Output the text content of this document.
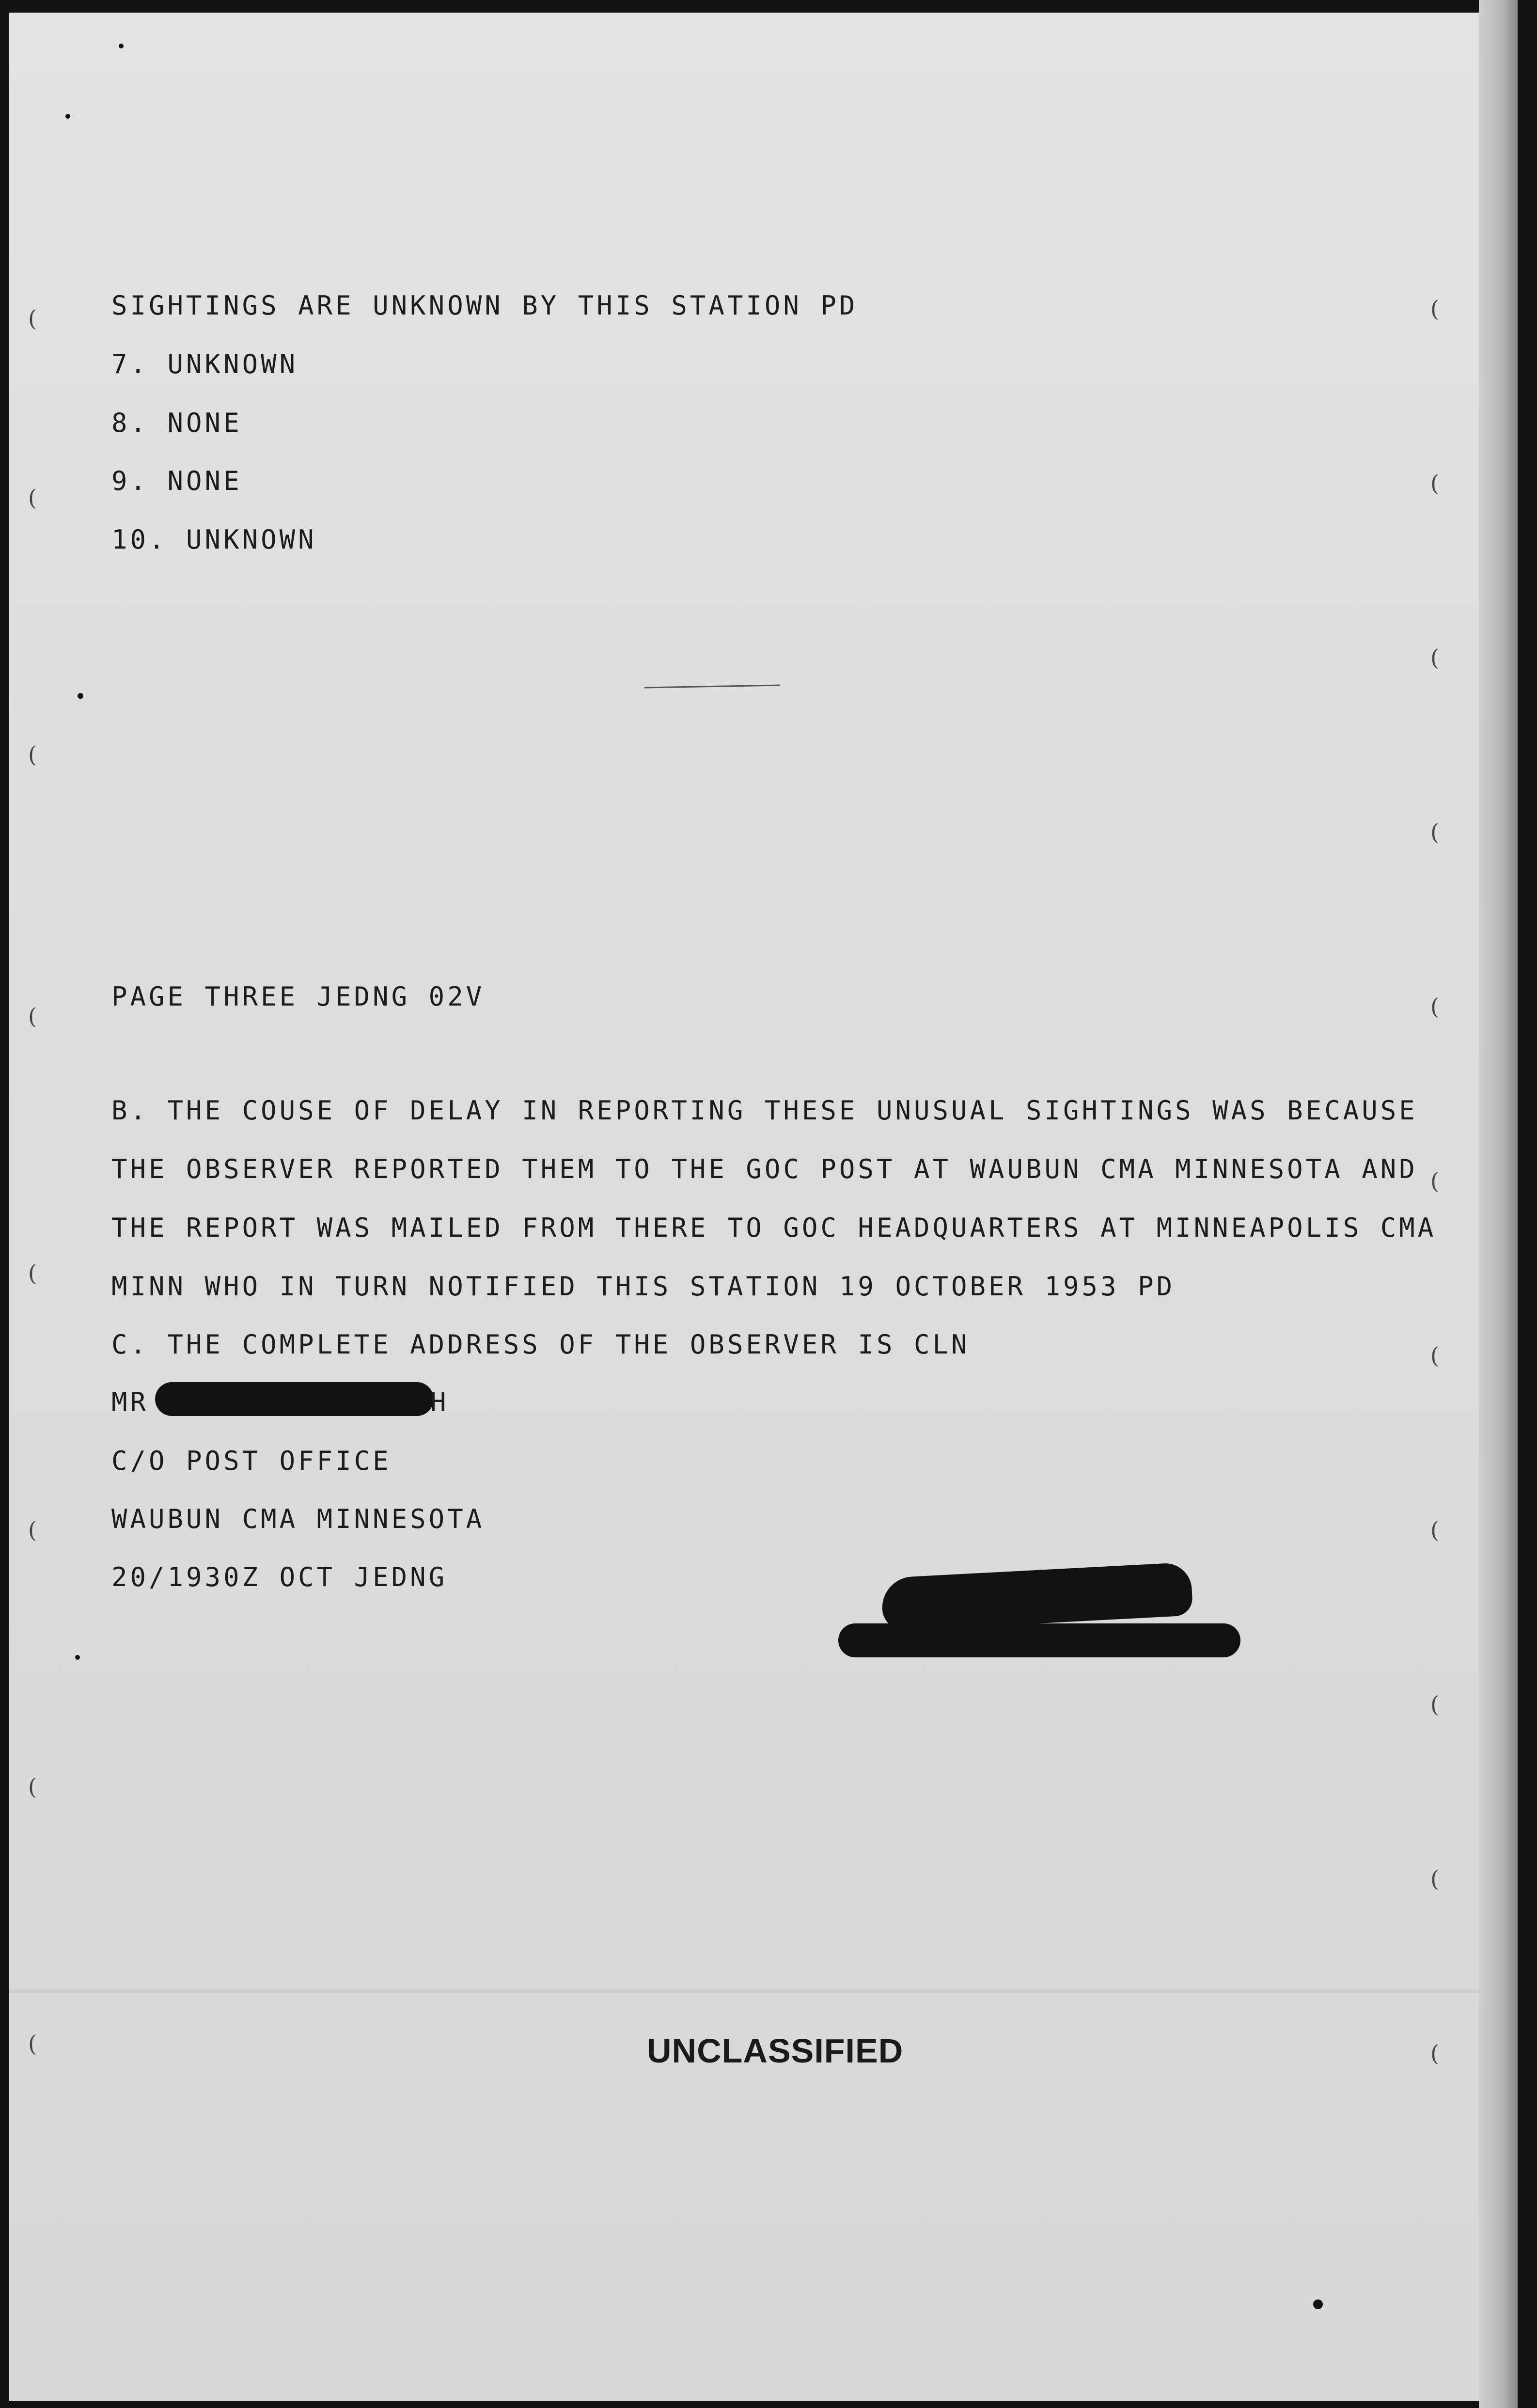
SIGHTINGS ARE UNKNOWN BY THIS STATION PD
7. UNKNOWN
8. NONE
9. NONE
10. UNKNOWN
PAGE THREE JEDNG 02V
B. THE COUSE OF DELAY IN REPORTING THESE UNUSUAL SIGHTINGS WAS BECAUSE
THE OBSERVER REPORTED THEM TO THE GOC POST AT WAUBUN CMA MINNESOTA AND
THE REPORT WAS MAILED FROM THERE TO GOC HEADQUARTERS AT MINNEAPOLIS CMA
MINN WHO IN TURN NOTIFIED THIS STATION 19 OCTOBER 1953 PD
C. THE COMPLETE ADDRESS OF THE OBSERVER IS CLN
MR	H
C/O POST OFFICE
WAUBUN CMA MINNESOTA
20/1930Z OCT JEDNG
UNCLASSIFIED
(
(
(
(
(
(
(
(
(
(
(
(
(
(
(
(
(
(
(
